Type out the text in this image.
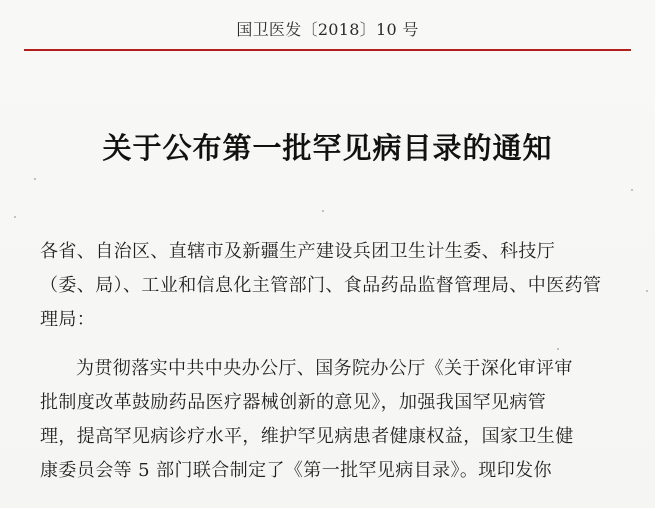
国卫医发〔2018〕10 号
关于公布第一批罕见病目录的通知
各省、自治区、直辖市及新疆生产建设兵团卫生计生委、科技厅
（委、局）、工业和信息化主管部门、食品药品监督管理局、中医药管
理局：
为贯彻落实中共中央办公厅、国务院办公厅《关于深化审评审
批制度改革鼓励药品医疗器械创新的意见》，加强我国罕见病管
理，提高罕见病诊疗水平，维护罕见病患者健康权益，国家卫生健
康委员会等 5 部门联合制定了《第一批罕见病目录》。现印发你
